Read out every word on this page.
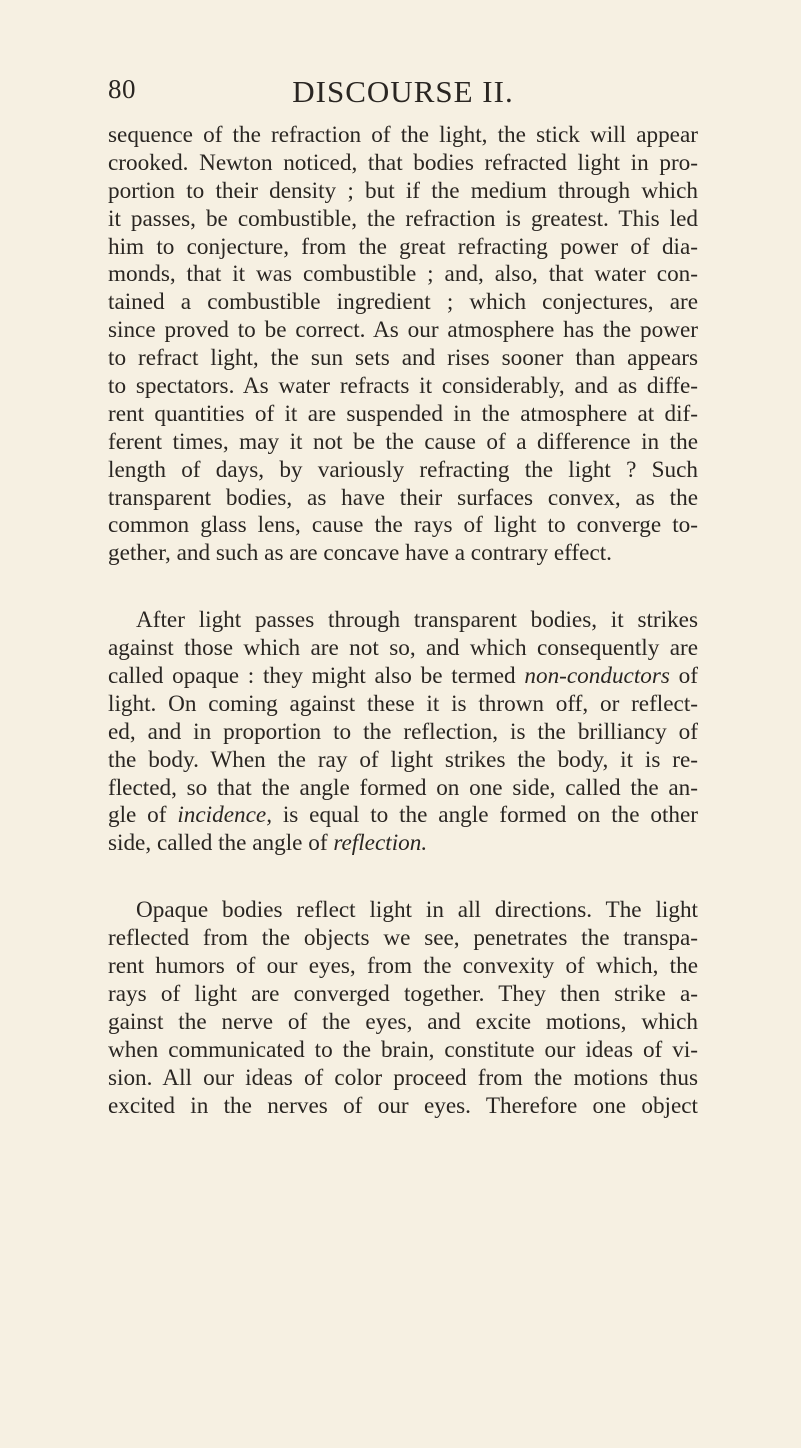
80	DISCOURSE II.
sequence of the refraction of the light, the stick will appear
crooked. Newton noticed, that bodies refracted light in pro-
portion to their density ; but if the medium through which
it passes, be combustible, the refraction is greatest. This led
him to conjecture, from the great refracting power of dia-
monds, that it was combustible ; and, also, that water con-
tained a combustible ingredient ; which conjectures, are
since proved to be correct. As our atmosphere has the power
to refract light, the sun sets and rises sooner than appears
to spectators. As water refracts it considerably, and as diffe-
rent quantities of it are suspended in the atmosphere at dif-
ferent times, may it not be the cause of a difference in the
length of days, by variously refracting the light ? Such
transparent bodies, as have their surfaces convex, as the
common glass lens, cause the rays of light to converge to-
gether, and such as are concave have a contrary effect.
After light passes through transparent bodies, it strikes
against those which are not so, and which consequently are
called opaque : they might also be termed non-conductors of
light. On coming against these it is thrown off, or reflect-
ed, and in proportion to the reflection, is the brilliancy of
the body. When the ray of light strikes the body, it is re-
flected, so that the angle formed on one side, called the an-
gle of incidence, is equal to the angle formed on the other
side, called the angle of reflection.
Opaque bodies reflect light in all directions. The light
reflected from the objects we see, penetrates the transpa-
rent humors of our eyes, from the convexity of which, the
rays of light are converged together. They then strike a-
gainst the nerve of the eyes, and excite motions, which
when communicated to the brain, constitute our ideas of vi-
sion. All our ideas of color proceed from the motions thus
excited in the nerves of our eyes. Therefore one object
